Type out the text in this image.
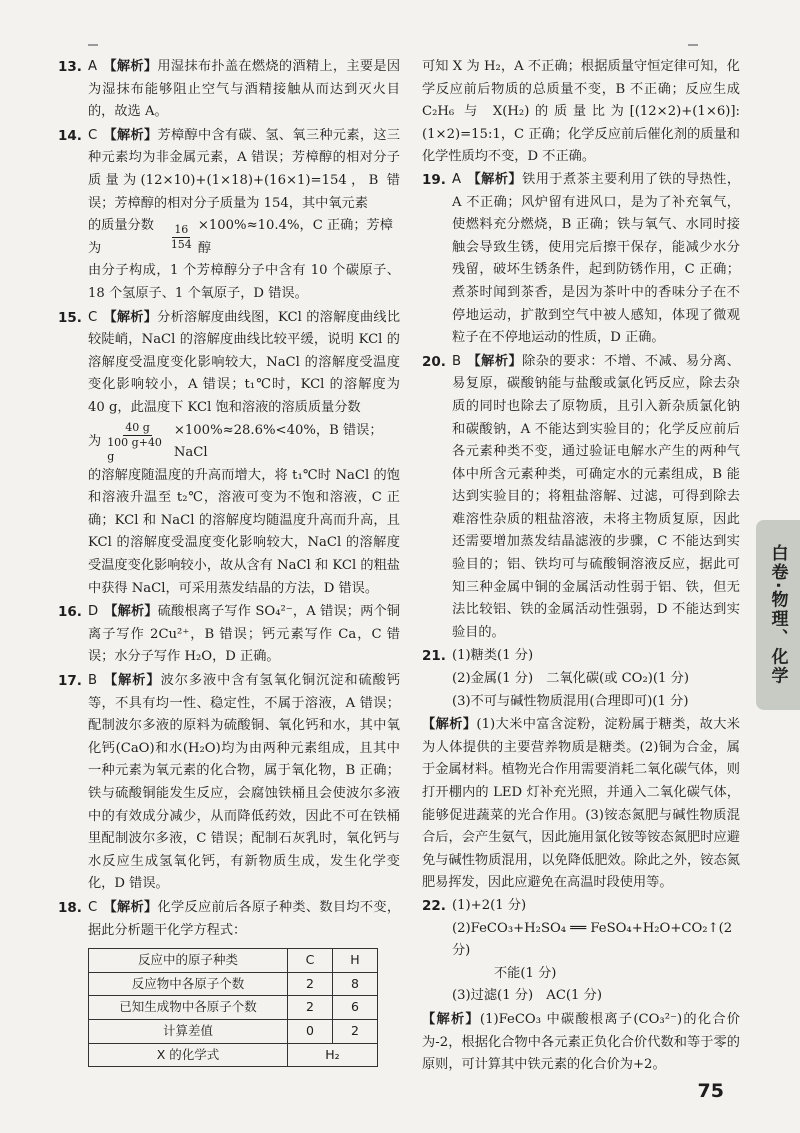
13. A 【解析】用湿抹布扑盖在燃烧的酒精上，主要是因为湿抹布能够阻止空气与酒精接触从而达到灭火目的，故选 A。
14. C 【解析】芳樟醇中含有碳、氢、氧三种元素，这三种元素均为非金属元素，A 错误；芳樟醇的相对分子质量为(12×10)+(1×18)+(16×1)=154，B 错误；芳樟醇的相对分子质量为 154，其中氧元素
的质量分数为	$\frac{16}{154} \times 100\%\approx 10.4\%$，C 正确；芳樟醇
由分子构成，1 个芳樟醇分子中含有 10 个碳原子、18 个氢原子、1 个氧原子，D 错误。
15. C 【解析】分析溶解度曲线图，KCl 的溶解度曲线比较陡峭，NaCl 的溶解度曲线比较平缓，说明 KCl 的溶解度受温度变化影响较大，NaCl 的溶解度受温度变化影响较小，A 错误；t₁℃时，KCl 的溶解度为 40 g，此温度下 KCl 饱和溶液的溶质质量分数
为 $\frac{40 g}{100 g+40 g} \times 100\%\approx 28.6\%<40\%$，B 错误；NaCl
的溶解度随温度的升高而增大，将 t₁℃时 NaCl 的饱和溶液升温至 t₂℃，溶液可变为不饱和溶液，C 正确；KCl 和 NaCl 的溶解度均随温度升高而升高，且 KCl 的溶解度受温度变化影响较大，NaCl 的溶解度受温度变化影响较小，故从含有 NaCl 和 KCl 的粗盐中获得 NaCl，可采用蒸发结晶的方法，D 错误。
16. D 【解析】硫酸根离子写作 SO₄²⁻，A 错误；两个铜离子写作 2Cu²⁺，B 错误；钙元素写作 Ca，C 错误；水分子写作 H₂O，D 正确。
17. B 【解析】波尔多液中含有氢氧化铜沉淀和硫酸钙等，不具有均一性、稳定性，不属于溶液，A 错误；配制波尔多液的原料为硫酸铜、氧化钙和水，其中氧化钙(CaO)和水(H₂O)均为由两种元素组成，且其中一种元素为氧元素的化合物，属于氧化物，B 正确；铁与硫酸铜能发生反应，会腐蚀铁桶且会使波尔多液中的有效成分减少，从而降低药效，因此不可在铁桶里配制波尔多液，C 错误；配制石灰乳时，氧化钙与水反应生成氢氧化钙，有新物质生成，发生化学变化，D 错误。
18. C 【解析】化学反应前后各原子种类、数目均不变，据此分析题干化学方程式：
反应中的原子种类	C	H
反应物中各原子个数	2	8
已知生成物中各原子个数	2	6
计算差值	0	2
X 的化学式	H₂	
可知 X 为 H₂，A 不正确；根据质量守恒定律可知，化学反应前后物质的总质量不变，B 不正确；反应生成 C₂H₆ 与 X(H₂)的质量比为[(12×2)+(1×6)]:(1×2)=15:1，C 正确；化学反应前后催化剂的质量和化学性质均不变，D 不正确。
19. A 【解析】铁用于煮茶主要利用了铁的导热性，A 不正确；风炉留有进风口，是为了补充氧气，使燃料充分燃烧，B 正确；铁与氧气、水同时接触会导致生锈，使用完后擦干保存，能减少水分残留，破坏生锈条件，起到防锈作用，C 正确；煮茶时闻到茶香，是因为茶叶中的香味分子在不停地运动，扩散到空气中被人感知，体现了微观粒子在不停地运动的性质，D 正确。
20. B 【解析】除杂的要求：不增、不减、易分离、易复原，碳酸钠能与盐酸或氯化钙反应，除去杂质的同时也除去了原物质，且引入新杂质氯化钠和碳酸钠，A 不能达到实验目的；化学反应前后各元素种类不变，通过验证电解水产生的两种气体中所含元素种类，可确定水的元素组成，B 能达到实验目的；将粗盐溶解、过滤，可得到除去难溶性杂质的粗盐溶液，未将主物质复原，因此还需要增加蒸发结晶滤液的步骤，C 不能达到实验目的；铝、铁均可与硫酸铜溶液反应，据此可知三种金属中铜的金属活动性弱于铝、铁，但无法比较铝、铁的金属活动性强弱，D 不能达到实验目的。
21. (1)糖类(1 分)
(2)金属(1 分)　二氧化碳(或 CO₂)(1 分)
(3)不可与碱性物质混用(合理即可)(1 分)
【解析】(1)大米中富含淀粉，淀粉属于糖类，故大米为人体提供的主要营养物质是糖类。(2)铜为合金，属于金属材料。植物光合作用需要消耗二氧化碳气体，则打开棚内的 LED 灯补充光照，并通入二氧化碳气体，能够促进蔬菜的光合作用。(3)铵态氮肥与碱性物质混合后，会产生氨气，因此施用氯化铵等铵态氮肥时应避免与碱性物质混用，以免降低肥效。除此之外，铵态氮肥易挥发，因此应避免在高温时段使用等。
22. (1)+2(1 分)
(2)FeCO₃+H₂SO₄ ══ FeSO₄+H₂O+CO₂↑(2 分)
不能(1 分)
(3)过滤(1 分)　AC(1 分)
【解析】(1)FeCO₃ 中碳酸根离子(CO₃²⁻)的化合价为-2，根据化合物中各元素正负化合价代数和等于零的原则，可计算其中铁元素的化合价为+2。
白卷·物理、化学
75
